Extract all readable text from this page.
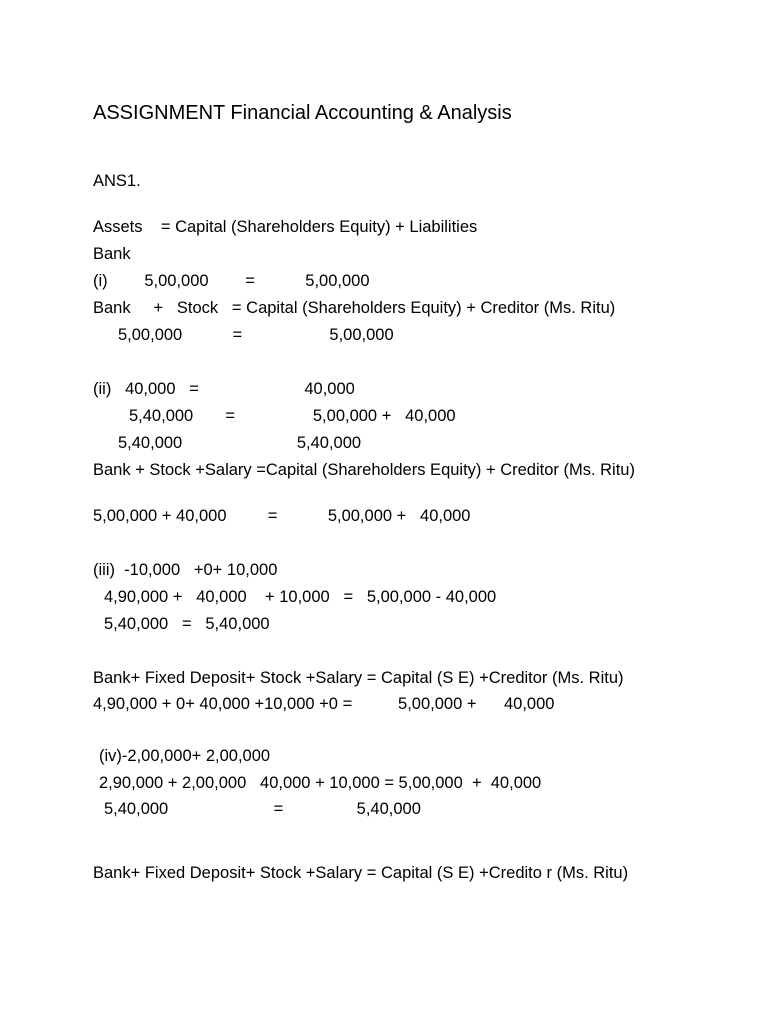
ASSIGNMENT Financial Accounting & Analysis
ANS1.
Assets    = Capital (Shareholders Equity) + Liabilities
Bank
(i)        5,00,000        =           5,00,000
Bank     +   Stock   = Capital (Shareholders Equity) + Creditor (Ms. Ritu)
5,00,000           =                   5,00,000
(ii)   40,000   =                       40,000
5,40,000       =                 5,00,000 +   40,000
5,40,000                         5,40,000
Bank + Stock +Salary =Capital (Shareholders Equity) + Creditor (Ms. Ritu)
5,00,000 + 40,000         =           5,00,000 +   40,000
(iii)  -10,000   +0+ 10,000
4,90,000 +   40,000    + 10,000   =   5,00,000 - 40,000
5,40,000   =   5,40,000
Bank+ Fixed Deposit+ Stock +Salary = Capital (S E) +Creditor (Ms. Ritu)
4,90,000 + 0+ 40,000 +10,000 +0 =          5,00,000 +      40,000
(iv)-2,00,000+ 2,00,000
2,90,000 + 2,00,000   40,000 + 10,000 = 5,00,000  +  40,000
5,40,000                       =                5,40,000
Bank+ Fixed Deposit+ Stock +Salary = Capital (S E) +Credito r (Ms. Ritu)
